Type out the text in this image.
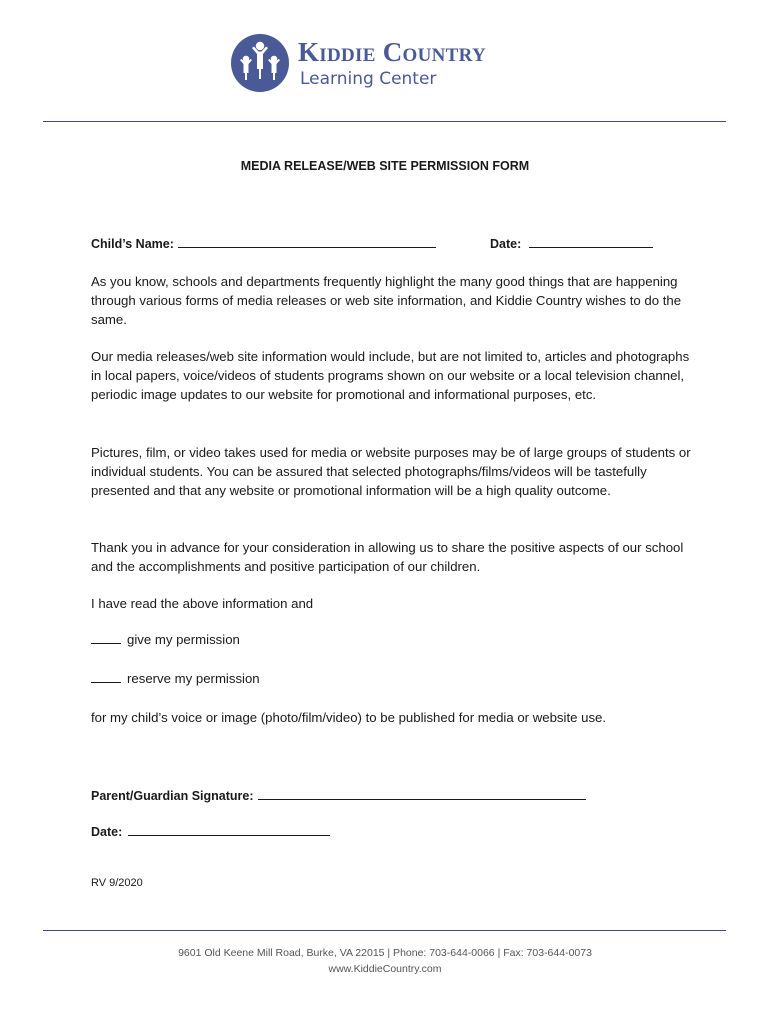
Kiddie Country
Learning Center
MEDIA RELEASE/WEB SITE PERMISSION FORM
Child’s Name:	Date:

As you know, schools and departments frequently highlight the many good things that are happening through various forms of media releases or web site information, and Kiddie Country wishes to do the same.

Our media releases/web site information would include, but are not limited to, articles and photographs in local papers, voice/videos of students programs shown on our website or a local television channel, periodic image updates to our website for promotional and informational purposes, etc.

Pictures, film, or video takes used for media or website purposes may be of large groups of students or individual students. You can be assured that selected photographs/films/videos will be tastefully presented and that any website or promotional information will be a high quality outcome.

Thank you in advance for your consideration in allowing us to share the positive aspects of our school and the accomplishments and positive participation of our children.

I have read the above information and

give my permission
reserve my permission

for my child’s voice or image (photo/film/video) to be published for media or website use.

Parent/Guardian Signature:
Date:
RV 9/2020
9601 Old Keene Mill Road, Burke, VA 22015 | Phone: 703-644-0066 | Fax: 703-644-0073
www.KiddieCountry.com
